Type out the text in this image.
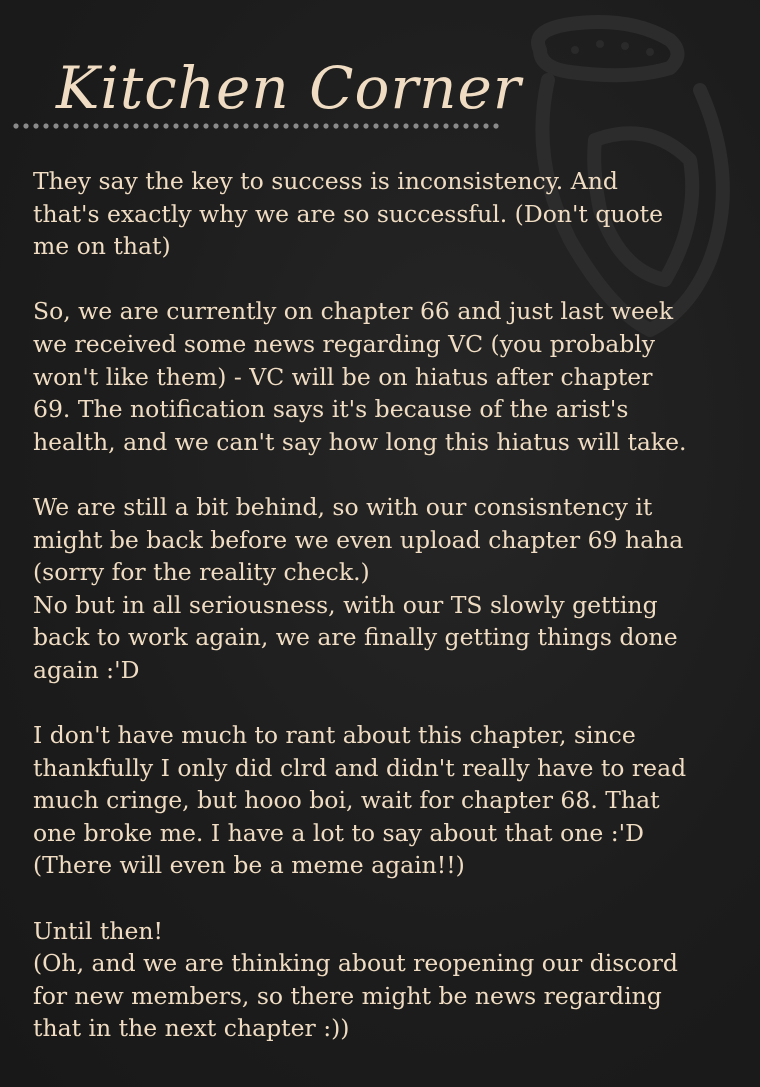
Kitchen Corner

They say the key to success is inconsistency. And
that's exactly why we are so successful. (Don't quote
me on that)

So, we are currently on chapter 66 and just last week
we received some news regarding VC (you probably
won't like them) - VC will be on hiatus after chapter
69. The notification says it's because of the arist's
health, and we can't say how long this hiatus will take.

We are still a bit behind, so with our consisntency it
might be back before we even upload chapter 69 haha
(sorry for the reality check.)
No but in all seriousness, with our TS slowly getting
back to work again, we are finally getting things done
again :'D

I don't have much to rant about this chapter, since
thankfully I only did clrd and didn't really have to read
much cringe, but hooo boi, wait for chapter 68. That
one broke me. I have a lot to say about that one :'D
(There will even be a meme again!!)

Until then!
(Oh, and we are thinking about reopening our discord
for new members, so there might be news regarding
that in the next chapter :))
